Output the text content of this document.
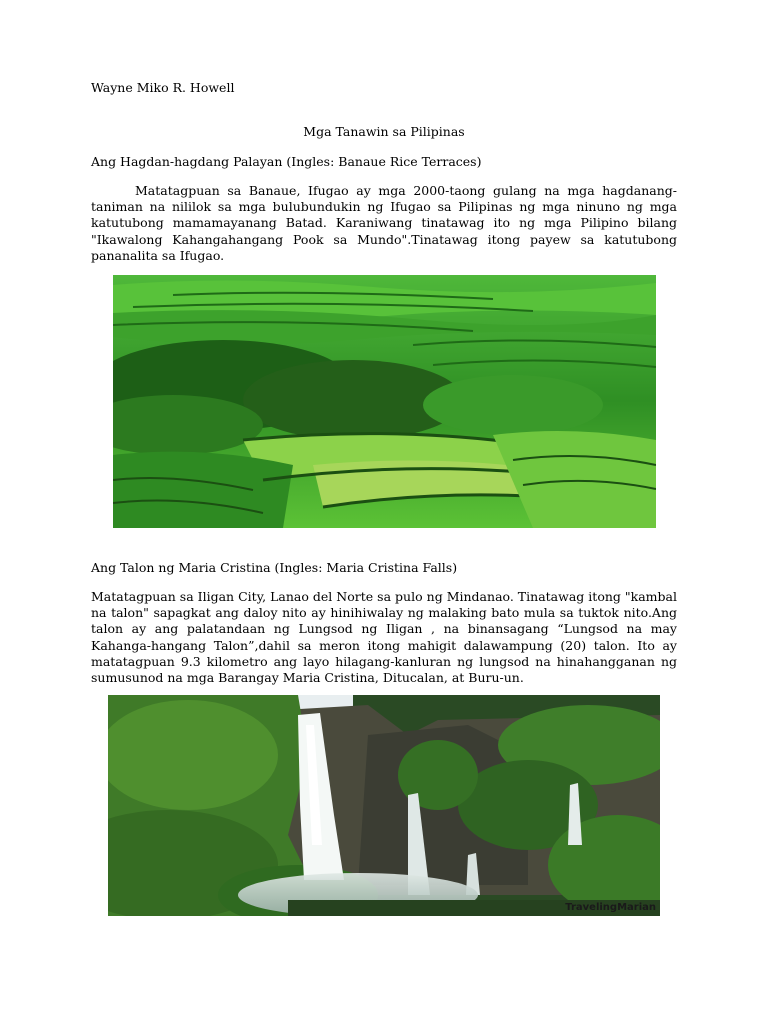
Wayne Miko R. Howell
Mga Tanawin sa Pilipinas
Ang Hagdan-hagdang Palayan (Ingles: Banaue Rice Terraces)

Matatagpuan sa Banaue, Ifugao ay mga 2000-taong gulang na mga hagdanang-taniman na nililok sa mga bulubundukin ng Ifugao sa Pilipinas ng mga ninuno ng mga katutubong mamamayanang Batad. Karaniwang tinatawag ito ng mga Pilipino bilang "Ikawalong Kahangahangang Pook sa Mundo".Tinatawag itong payew sa katutubong pananalita sa Ifugao.

Ang Talon ng Maria Cristina (Ingles: Maria Cristina Falls)

Matatagpuan sa Iligan City, Lanao del Norte sa pulo ng Mindanao. Tinatawag itong "kambal na talon" sapagkat ang daloy nito ay hinihiwalay ng malaking bato mula sa tuktok nito.Ang talon ay ang palatandaan ng Lungsod ng Iligan , na binansagang “Lungsod na may Kahanga-hangang Talon”,dahil sa meron itong mahigit dalawampung (20) talon. Ito ay matatagpuan 9.3 kilometro ang layo hilagang-kanluran ng lungsod na hinahangganan ng sumusunod na mga Barangay Maria Cristina, Ditucalan, at Buru-un.

TravelingMarian
